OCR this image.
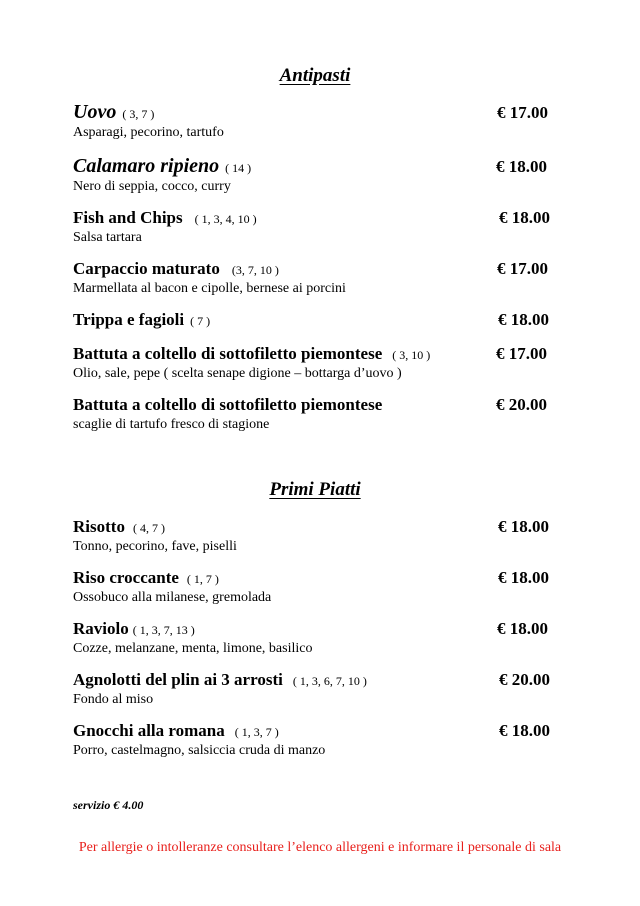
Antipasti
Uovo ( 3, 7 )
Asparagi, pecorino, tartufo
€ 17.00
Calamaro ripieno ( 14 )
Nero di seppia, cocco, curry
€ 18.00
Fish and Chips ( 1, 3, 4, 10 )
Salsa tartara
€ 18.00
Carpaccio maturato (3, 7, 10 )
Marmellata al bacon e cipolle, bernese ai porcini
€ 17.00
Trippa e fagioli ( 7 )	€ 18.00
Battuta a coltello di sottofiletto piemontese ( 3, 10 )
Olio, sale, pepe ( scelta senape digione – bottarga d’uovo )
€ 17.00
Battuta a coltello di sottofiletto piemontese
scaglie di tartufo fresco di stagione
€ 20.00
Primi Piatti
Risotto ( 4, 7 )
Tonno, pecorino, fave, piselli
€ 18.00
Riso croccante ( 1, 7 )
Ossobuco alla milanese, gremolada
€ 18.00
Raviolo ( 1, 3, 7, 13 )
Cozze, melanzane, menta, limone, basilico
€ 18.00
Agnolotti del plin ai 3 arrosti ( 1, 3, 6, 7, 10 )
Fondo al miso
€ 20.00
Gnocchi alla romana ( 1, 3, 7 )
Porro, castelmagno, salsiccia cruda di manzo
€ 18.00
servizio € 4.00
Per allergie o intolleranze consultare l’elenco allergeni e informare il personale di sala
